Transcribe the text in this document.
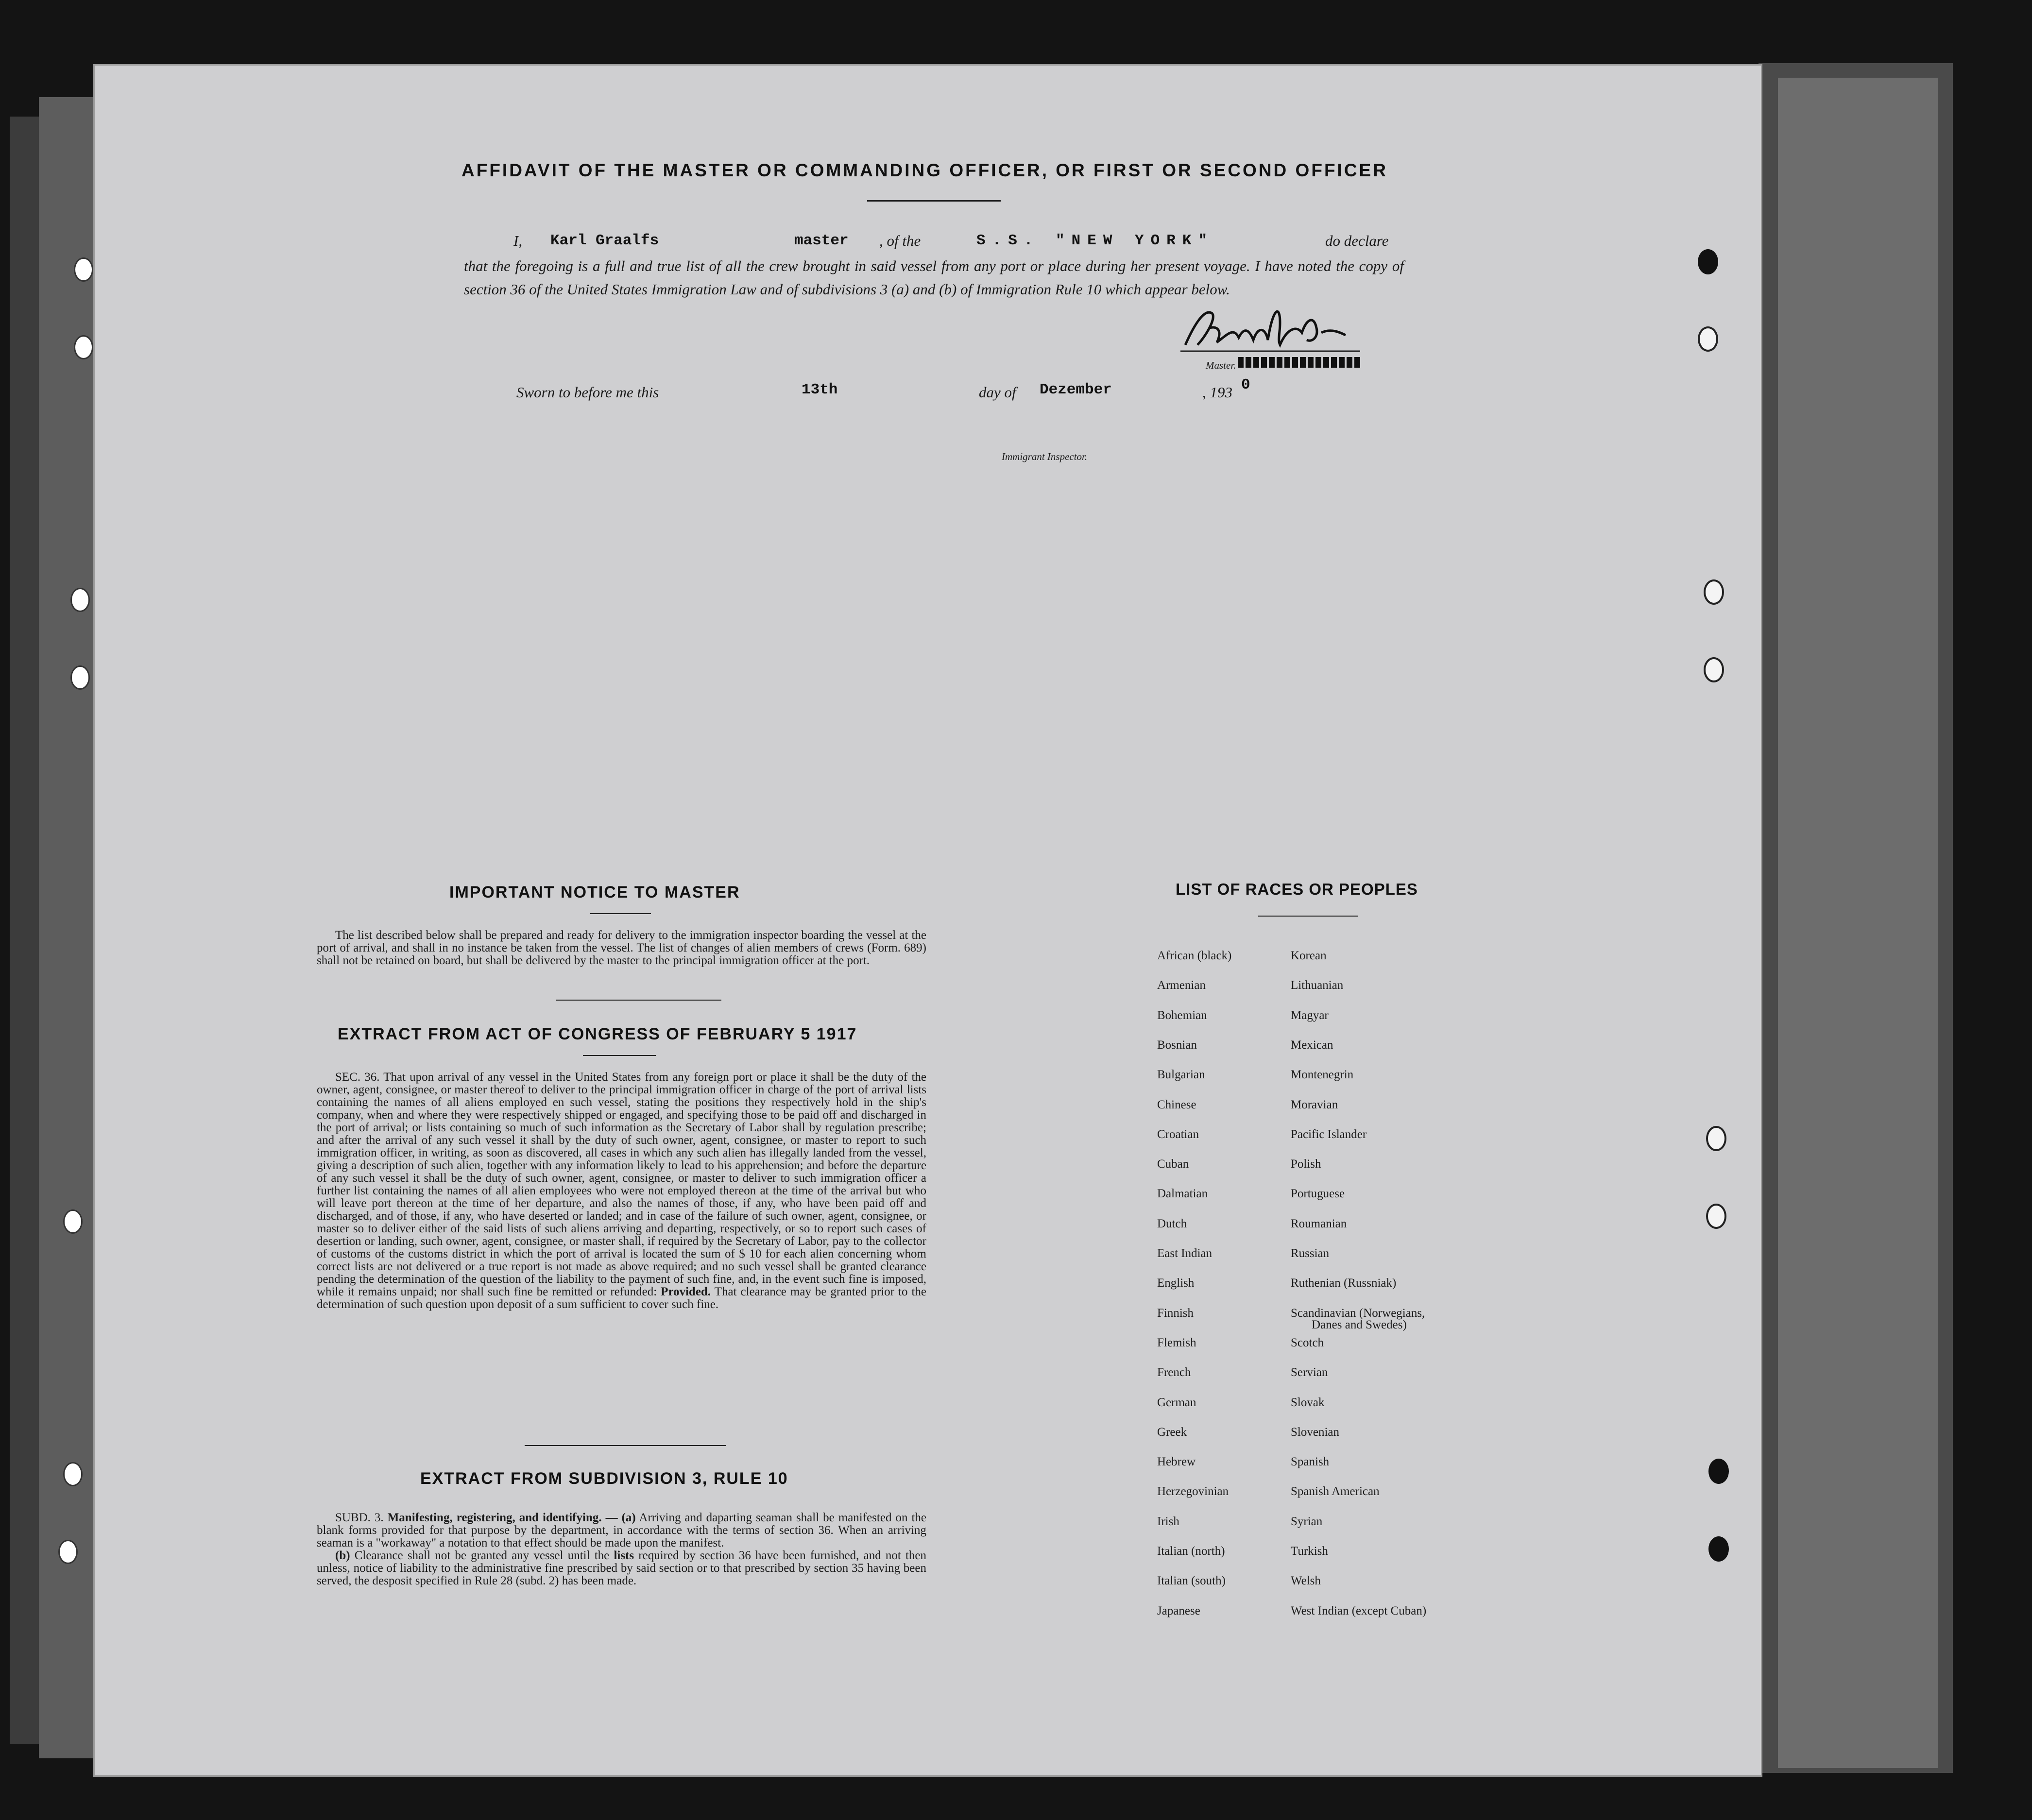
AFFIDAVIT OF THE MASTER OR COMMANDING OFFICER, OR FIRST OR SECOND OFFICER
I, Karl Graalfs	master , of the	S.S. "NEW YORK"	do declare
that the foregoing is a full and true list of all the crew brought in said vessel from any port or place during her present voyage. I have noted the copy of section 36 of the United States Immigration Law and of subdivisions 3 (a) and (b) of Immigration Rule 10 which appear below.
Master.
Sworn to before me this	13th	day of Dezember	, 193 0
Immigrant Inspector.
IMPORTANT NOTICE TO MASTER

The list described below shall be prepared and ready for delivery to the immigration inspector boarding the vessel at the port of arrival, and shall in no instance be taken from the vessel. The list of changes of alien members of crews (Form. 689) shall not be retained on board, but shall be delivered by the master to the principal immigration officer at the port.

EXTRACT FROM ACT OF CONGRESS OF FEBRUARY 5 1917

SEC. 36. That upon arrival of any vessel in the United States from any foreign port or place it shall be the duty of the owner, agent, consignee, or master thereof to deliver to the principal immigration officer in charge of the port of arrival lists containing the names of all aliens employed en such vessel, stating the positions they respectively hold in the ship's company, when and where they were respectively shipped or engaged, and specifying those to be paid off and discharged in the port of arrival; or lists containing so much of such information as the Secretary of Labor shall by regulation prescribe; and after the arrival of any such vessel it shall by the duty of such owner, agent, consignee, or master to report to such immigration officer, in writing, as soon as discovered, all cases in which any such alien has illegally landed from the vessel, giving a description of such alien, together with any information likely to lead to his apprehension; and before the departure of any such vessel it shall be the duty of such owner, agent, consignee, or master to deliver to such immigration officer a further list containing the names of all alien employees who were not employed thereon at the time of the arrival but who will leave port thereon at the time of her departure, and also the names of those, if any, who have been paid off and discharged, and of those, if any, who have deserted or landed; and in case of the failure of such owner, agent, consignee, or master so to deliver either of the said lists of such aliens arriving and departing, respectively, or so to report such cases of desertion or landing, such owner, agent, consignee, or master shall, if required by the Secretary of Labor, pay to the collector of customs of the customs district in which the port of arrival is located the sum of $ 10 for each alien concerning whom correct lists are not delivered or a true report is not made as above required; and no such vessel shall be granted clearance pending the determination of the question of the liability to the payment of such fine, and, in the event such fine is imposed, while it remains unpaid; nor shall such fine be remitted or refunded: Provided. That clearance may be granted prior to the determination of such question upon deposit of a sum sufficient to cover such fine.

EXTRACT FROM SUBDIVISION 3, RULE 10

SUBD. 3. Manifesting, registering, and identifying. — (a) Arriving and daparting seaman shall be manifested on the blank forms provided for that purpose by the department, in accordance with the terms of section 36. When an arriving seaman is a "workaway" a notation to that effect should be made upon the manifest.

(b) Clearance shall not be granted any vessel until the lists required by section 36 have been furnished, and not then unless, notice of liability to the administrative fine prescribed by said section or to that prescribed by section 35 having been served, the desposit specified in Rule 28 (subd. 2) has been made.

LIST OF RACES OR PEOPLES
African (black)
Armenian
Bohemian
Bosnian
Bulgarian
Chinese
Croatian
Cuban
Dalmatian
Dutch
East Indian
English
Finnish
Flemish
French
German
Greek
Hebrew
Herzegovinian
Irish
Italian (north)
Italian (south)
Japanese
Korean
Lithuanian
Magyar
Mexican
Montenegrin
Moravian
Pacific Islander
Polish
Portuguese
Roumanian
Russian
Ruthenian (Russniak)
Scandinavian (Norwegians,
Scotch
Servian
Slovak
Slovenian
Spanish
Spanish American
Syrian
Turkish
Welsh
West Indian (except Cuban)
Danes and Swedes)
